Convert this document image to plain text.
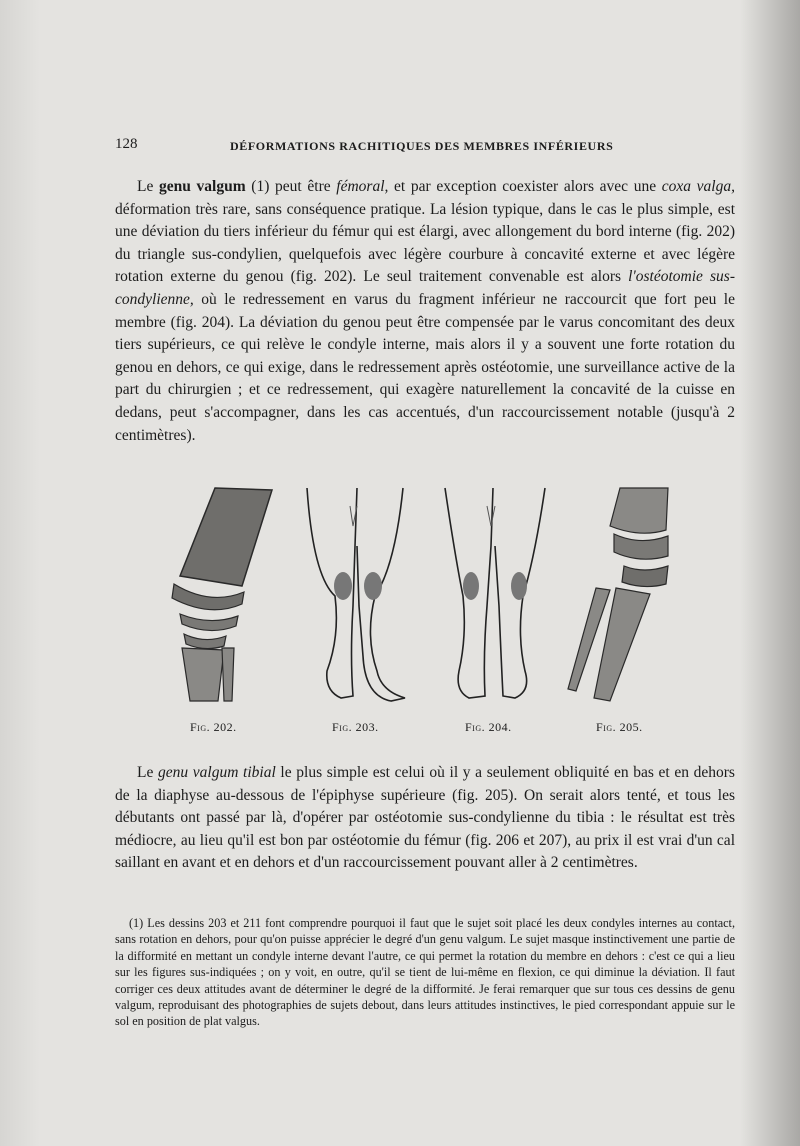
128	DÉFORMATIONS RACHITIQUES DES MEMBRES INFÉRIEURS

Le genu valgum (1) peut être fémoral, et par exception coexister alors avec une coxa valga, déformation très rare, sans conséquence pratique. La lésion typique, dans le cas le plus simple, est une déviation du tiers inférieur du fémur qui est élargi, avec allongement du bord interne (fig. 202) du triangle sus-condylien, quelquefois avec légère courbure à concavité externe et avec légère rotation externe du genou (fig. 202). Le seul traitement convenable est alors l'ostéotomie sus-condylienne, où le redressement en varus du fragment inférieur ne raccourcit que fort peu le membre (fig. 204). La déviation du genou peut être compensée par le varus concomitant des deux tiers supérieurs, ce qui relève le condyle interne, mais alors il y a souvent une forte rotation du genou en dehors, ce qui exige, dans le redressement après ostéotomie, une surveillance active de la part du chirurgien ; et ce redressement, qui exagère naturellement la concavité de la cuisse en dedans, peut s'accompagner, dans les cas accentués, d'un raccourcissement notable (jusqu'à 2 centimètres).

Fig. 202.	Fig. 203.	Fig. 204.	Fig. 205.

Le genu valgum tibial le plus simple est celui où il y a seulement obliquité en bas et en dehors de la diaphyse au-dessous de l'épiphyse supérieure (fig. 205). On serait alors tenté, et tous les débutants ont passé par là, d'opérer par ostéotomie sus-condylienne du tibia : le résultat est très médiocre, au lieu qu'il est bon par ostéotomie du fémur (fig. 206 et 207), au prix il est vrai d'un cal saillant en avant et en dehors et d'un raccourcissement pouvant aller à 2 centimètres.

(1) Les dessins 203 et 211 font comprendre pourquoi il faut que le sujet soit placé les deux condyles internes au contact, sans rotation en dehors, pour qu'on puisse apprécier le degré d'un genu valgum. Le sujet masque instinctivement une partie de la difformité en mettant un condyle interne devant l'autre, ce qui permet la rotation du membre en dehors : c'est ce qui a lieu sur les figures sus-indiquées ; on y voit, en outre, qu'il se tient de lui-même en flexion, ce qui diminue la déviation. Il faut corriger ces deux attitudes avant de déterminer le degré de la difformité. Je ferai remarquer que sur tous ces dessins de genu valgum, reproduisant des photographies de sujets debout, dans leurs attitudes instinctives, le pied correspondant appuie sur le sol en position de plat valgus.
